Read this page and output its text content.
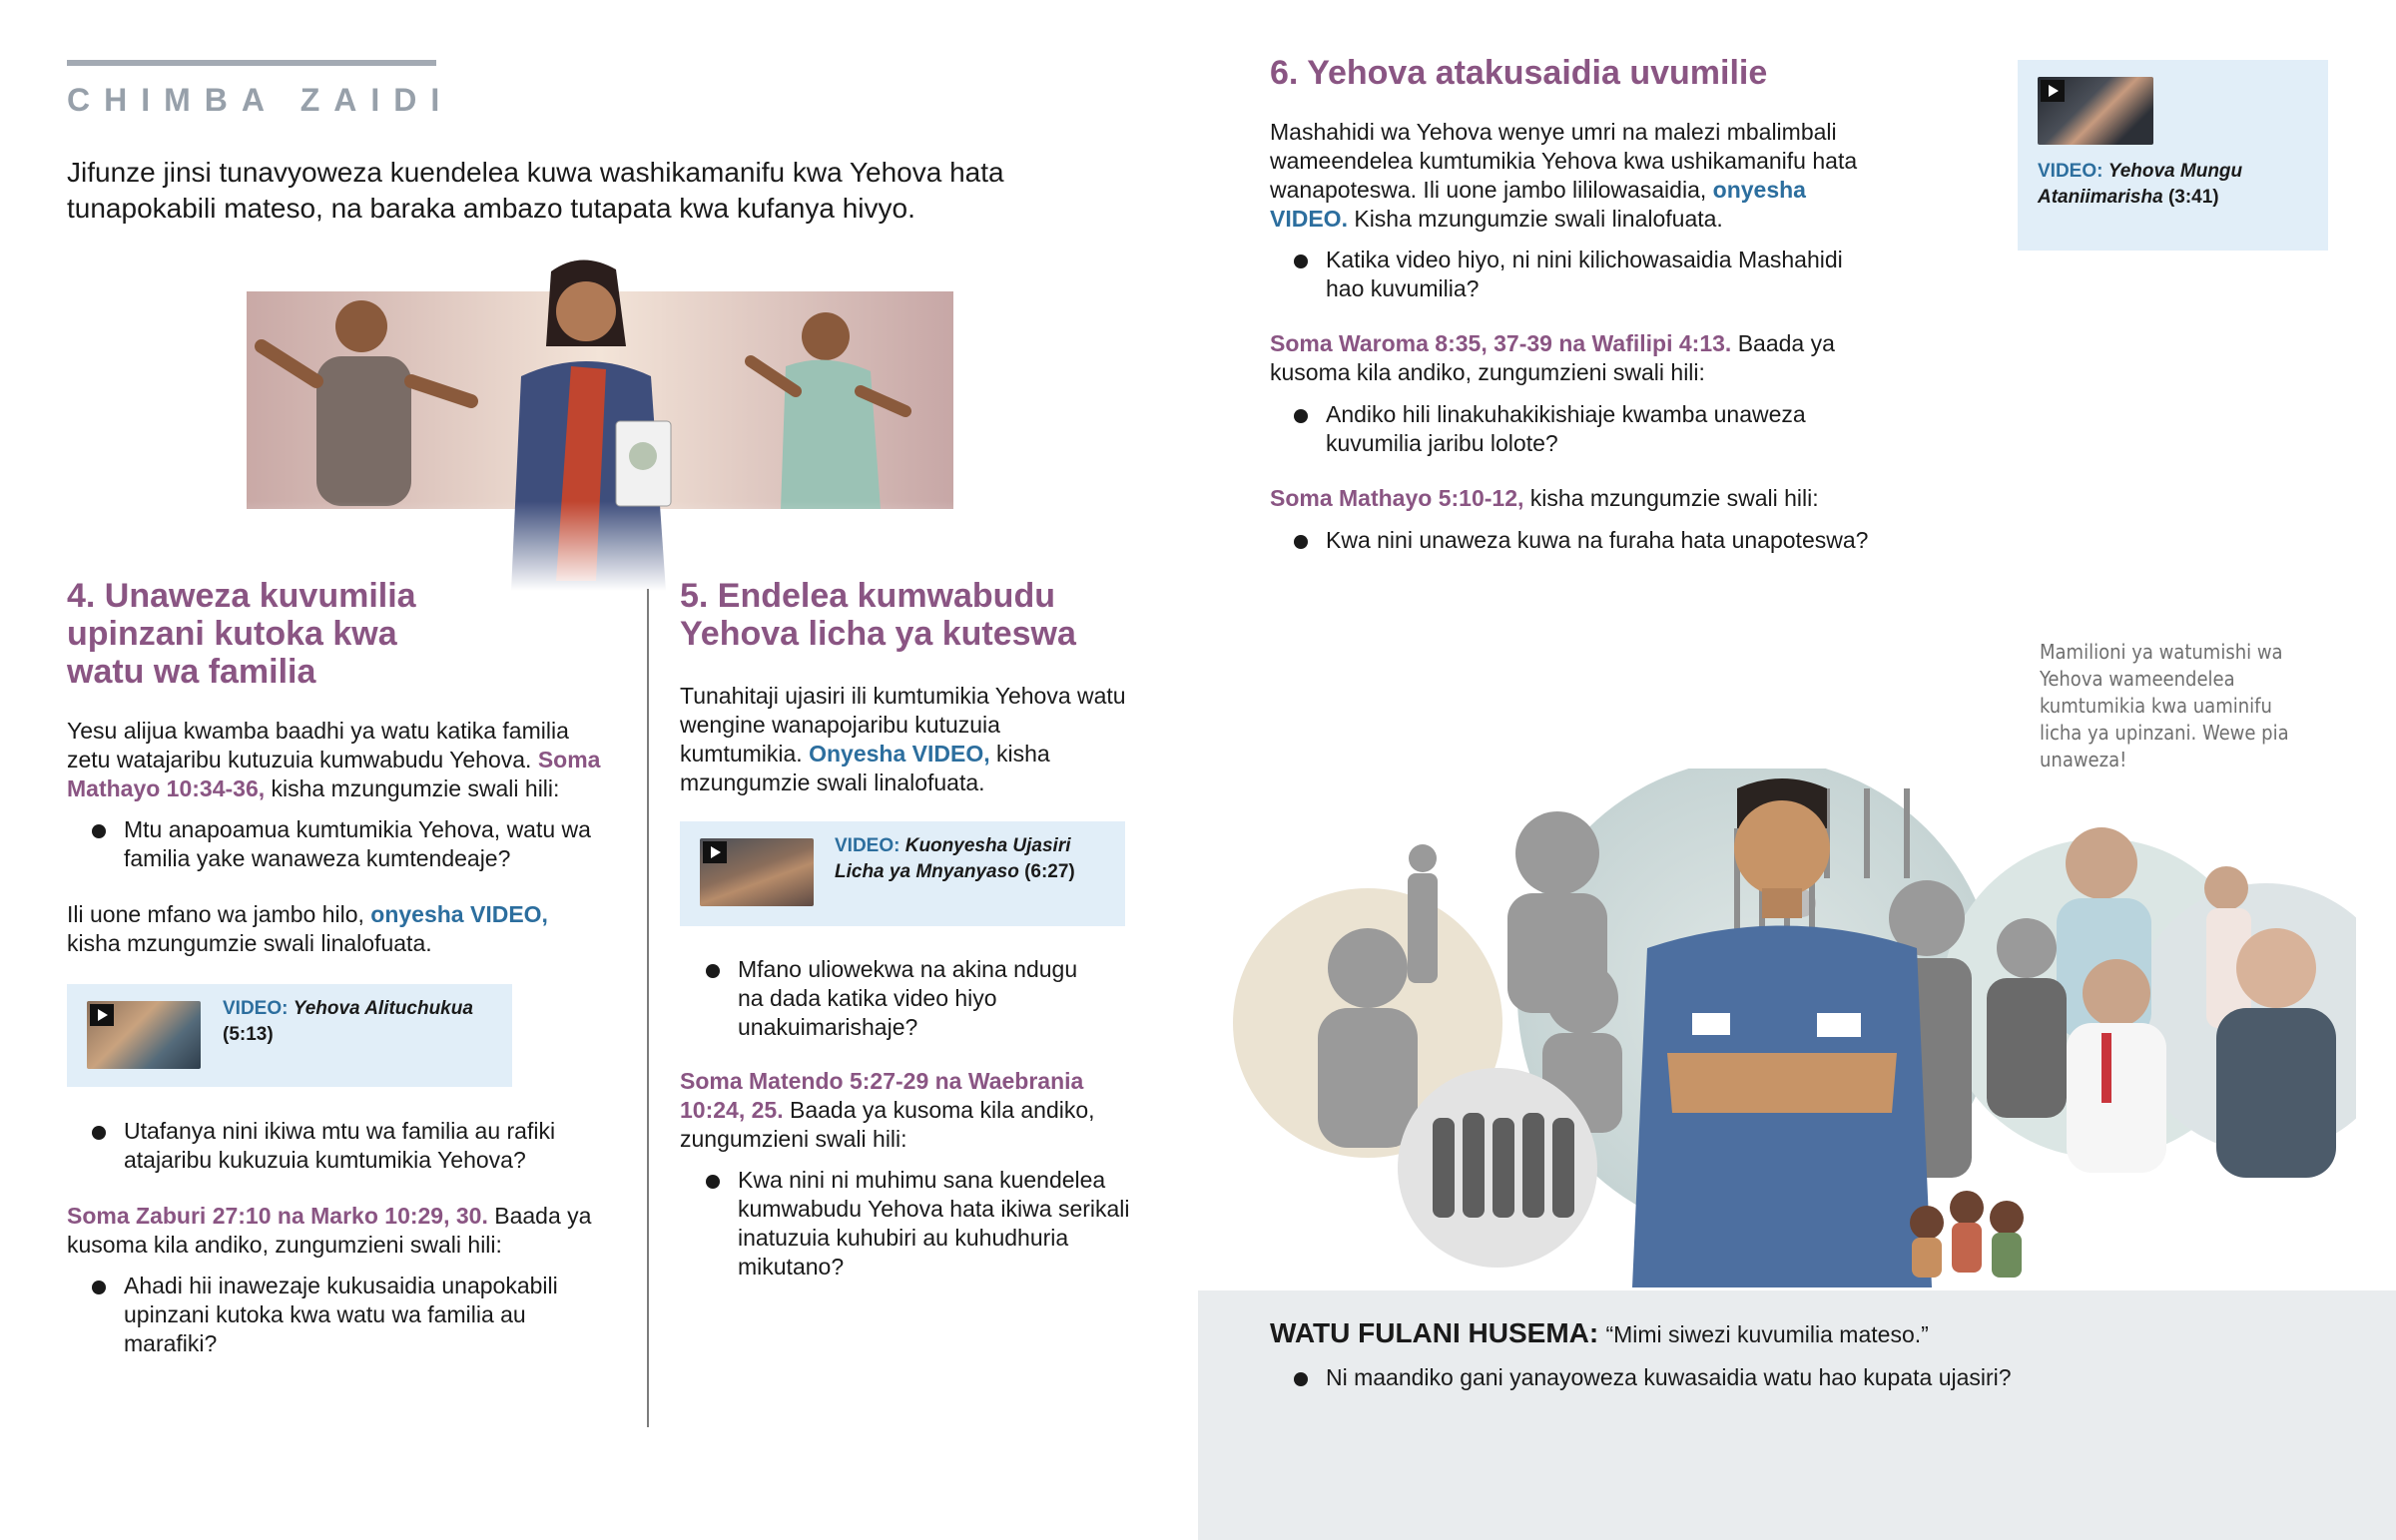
CHIMBA ZAIDI
Jifunze jinsi tunavyoweza kuendelea kuwa washikamanifu kwa Yehova hata tunapokabili mateso, na baraka ambazo tutapata kwa kufanya hivyo.
4. Unaweza kuvumilia
upinzani kutoka kwa
watu wa familia
Yesu alijua kwamba baadhi ya watu katika familia zetu watajaribu kutuzuia kumwabudu Yehova. Soma Mathayo 10:34-36, kisha mzungumzie swali hili:
Mtu anapoamua kumtumikia Yehova, watu wa familia yake wanaweza kumtendeaje?
Ili uone mfano wa jambo hilo, onyesha VIDEO, kisha mzungumzie swali linalofuata.
VIDEO: Yehova Alituchukua
(5:13)
Utafanya nini ikiwa mtu wa familia au rafiki atajaribu kukuzuia kumtumikia Yehova?
Soma Zaburi 27:10 na Marko 10:29, 30. Baada ya kusoma kila andiko, zungumzieni swali hili:
Ahadi hii inawezaje kukusaidia unapokabili upinzani kutoka kwa watu wa familia au marafiki?
5. Endelea kumwabudu
Yehova licha ya kuteswa
Tunahitaji ujasiri ili kumtumikia Yehova watu wengine wanapojaribu kutuzuia kumtumikia. Onyesha VIDEO, kisha mzungumzie swali linalofuata.
VIDEO: Kuonyesha Ujasiri Licha ya Mnyanyaso (6:27)
Mfano uliowekwa na akina ndugu na dada katika video hiyo unakuimarishaje?
Soma Matendo 5:27-29 na Waebrania 10:24, 25. Baada ya kusoma kila andiko, zungumzieni swali hili:
Kwa nini ni muhimu sana kuendelea kumwabudu Yehova hata ikiwa serikali inatuzuia kuhubiri au kuhudhuria mikutano?
6. Yehova atakusaidia uvumilie
Mashahidi wa Yehova wenye umri na malezi mbalimbali wameendelea kumtumikia Yehova kwa ushikamanifu hata wanapoteswa. Ili uone jambo lililowasaidia, onyesha VIDEO. Kisha mzungumzie swali linalofuata.
Katika video hiyo, ni nini kilichowasaidia Mashahidi hao kuvumilia?
Soma Waroma 8:35, 37-39 na Wafilipi 4:13. Baada ya kusoma kila andiko, zungumzieni swali hili:
Andiko hili linakuhakikishiaje kwamba unaweza kuvumilia jaribu lolote?
Soma Mathayo 5:10-12, kisha mzungumzie swali hili:
Kwa nini unaweza kuwa na furaha hata unapoteswa?
VIDEO: Yehova Mungu Ataniimarisha (3:41)
Mamilioni ya watumishi wa Yehova wameendelea kumtumikia kwa uaminifu licha ya upinzani. Wewe pia unaweza!
WATU FULANI HUSEMA: “Mimi siwezi kuvumilia mateso.”
Ni maandiko gani yanayoweza kuwasaidia watu hao kupata ujasiri?
